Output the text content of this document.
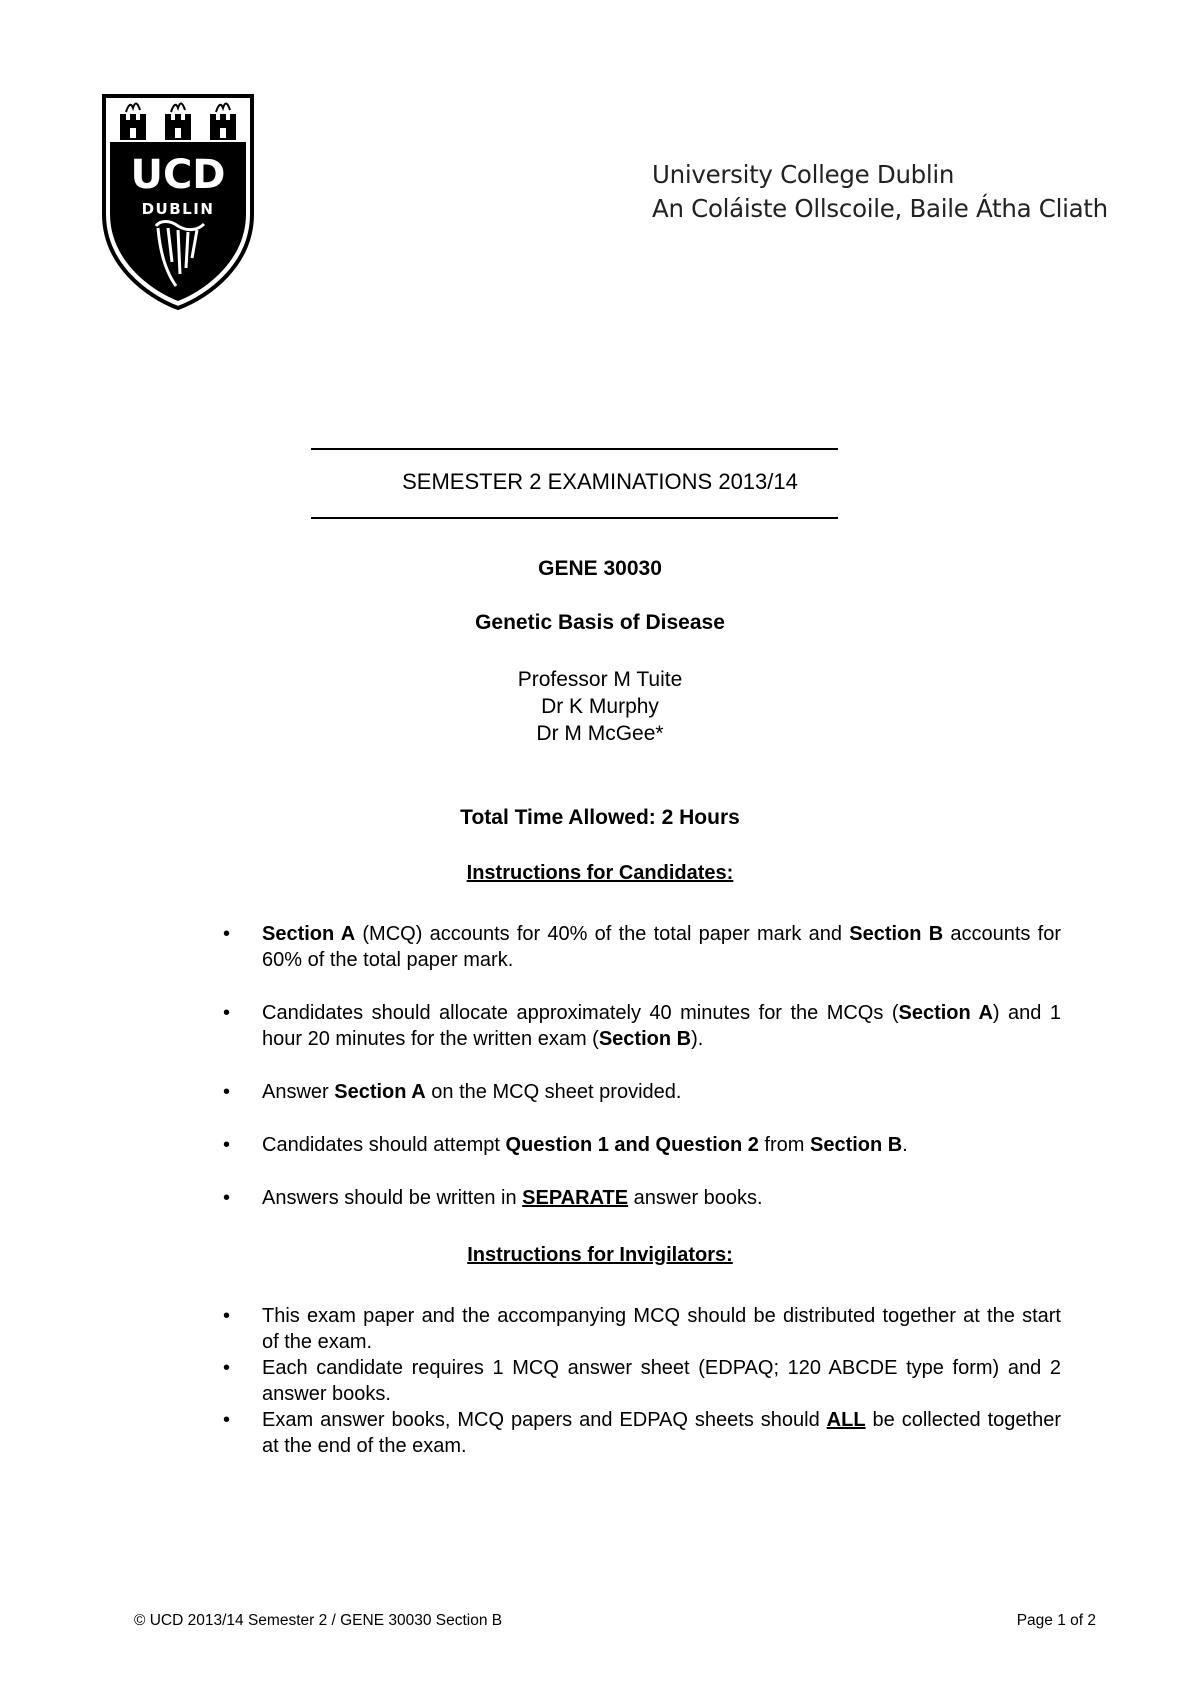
UCD
DUBLIN
University College Dublin
An Coláiste Ollscoile, Baile Átha Cliath
SEMESTER 2 EXAMINATIONS 2013/14
GENE 30030
Genetic Basis of Disease
Professor M Tuite
Dr K Murphy
Dr M McGee*
Total Time Allowed: 2 Hours
Instructions for Candidates:
• Section A (MCQ) accounts for 40% of the total paper mark and Section B accounts for 60% of the total paper mark.
• Candidates should allocate approximately 40 minutes for the MCQs (Section A) and 1 hour 20 minutes for the written exam (Section B).
• Answer Section A on the MCQ sheet provided.
• Candidates should attempt Question 1 and Question 2 from Section B.
• Answers should be written in SEPARATE answer books.
Instructions for Invigilators:
• This exam paper and the accompanying MCQ should be distributed together at the start of the exam.
• Each candidate requires 1 MCQ answer sheet (EDPAQ; 120 ABCDE type form) and 2 answer books.
• Exam answer books, MCQ papers and EDPAQ sheets should ALL be collected together at the end of the exam.
© UCD 2013/14 Semester 2 / GENE 30030 Section B	Page 1 of 2
